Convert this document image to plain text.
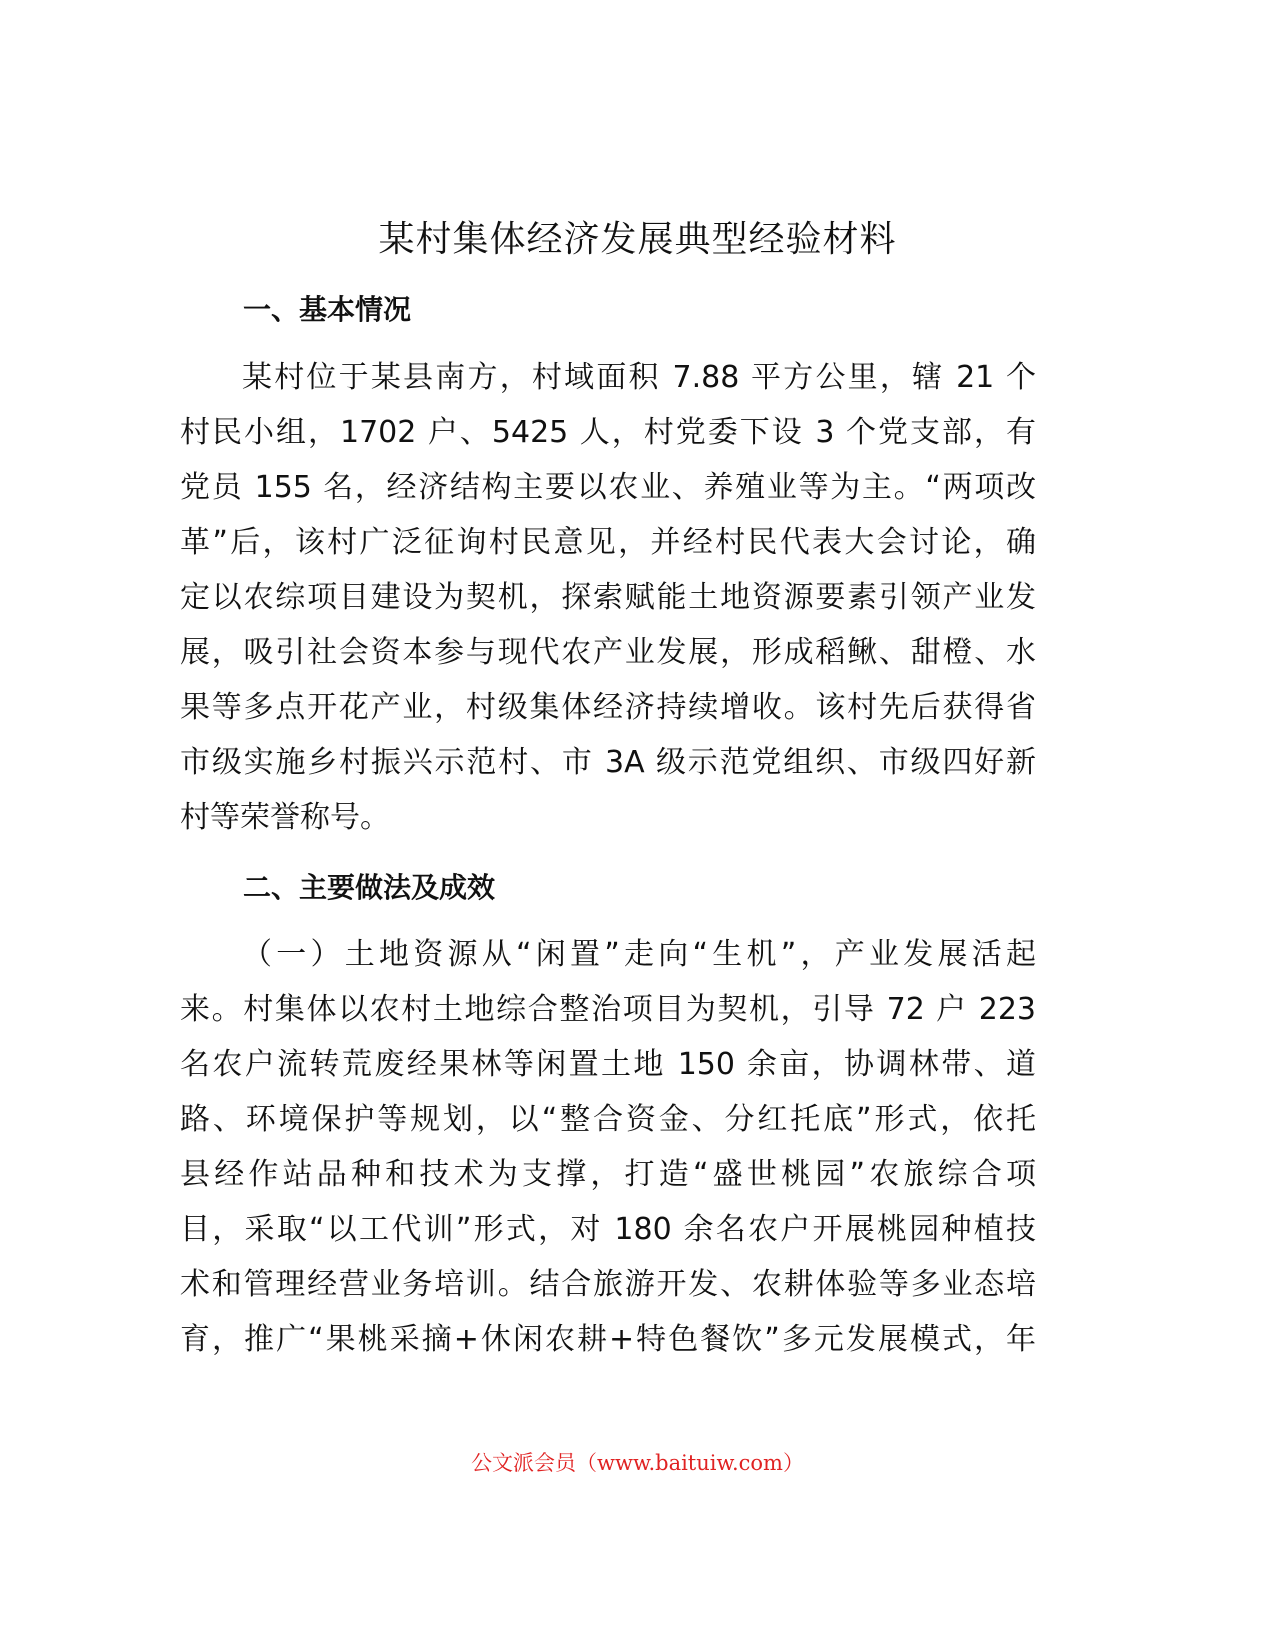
某村集体经济发展典型经验材料
一、基本情况

某村位于某县南方，村域面积 7.88 平方公里，辖 21 个

村民小组，1702 户、5425 人，村党委下设 3 个党支部，有

党员 155 名，经济结构主要以农业、养殖业等为主。“两项改

革”后，该村广泛征询村民意见，并经村民代表大会讨论，确

定以农综项目建设为契机，探索赋能土地资源要素引领产业发

展，吸引社会资本参与现代农产业发展，形成稻鳅、甜橙、水

果等多点开花产业，村级集体经济持续增收。该村先后获得省

市级实施乡村振兴示范村、市 3A 级示范党组织、市级四好新

村等荣誉称号。

二、主要做法及成效

（一）土地资源从“闲置”走向“生机”，产业发展活起

来。村集体以农村土地综合整治项目为契机，引导 72 户 223

名农户流转荒废经果林等闲置土地 150 余亩，协调林带、道

路、环境保护等规划，以“整合资金、分红托底”形式，依托

县经作站品种和技术为支撑，打造“盛世桃园”农旅综合项

目，采取“以工代训”形式，对 180 余名农户开展桃园种植技

术和管理经营业务培训。结合旅游开发、农耕体验等多业态培

育，推广“果桃采摘+休闲农耕+特色餐饮”多元发展模式，年

公文派会员（www.baituiw.com）
